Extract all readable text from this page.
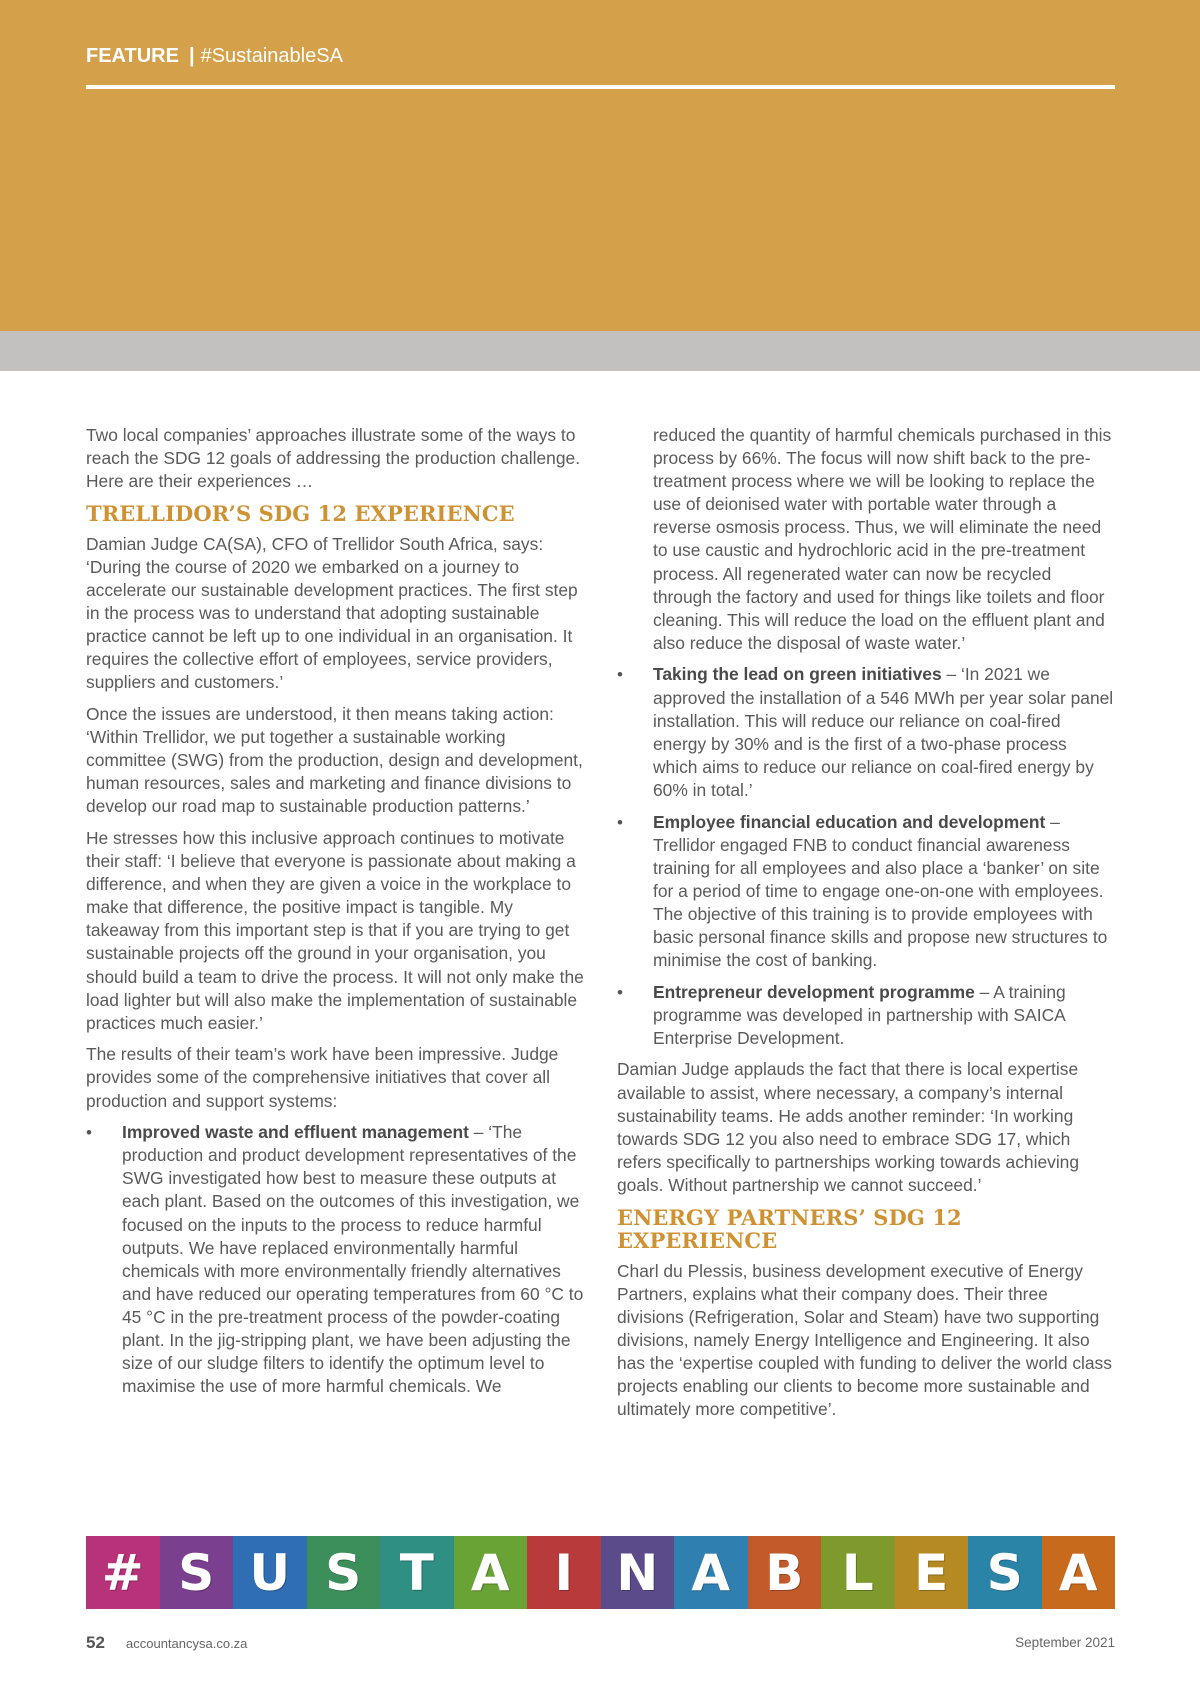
FEATURE | #SustainableSA

Two local companies’ approaches illustrate some of the ways to reach the SDG 12 goals of addressing the production challenge. Here are their experiences …

TRELLIDOR’S SDG 12 EXPERIENCE

Damian Judge CA(SA), CFO of Trellidor South Africa, says: ‘During the course of 2020 we embarked on a journey to accelerate our sustainable development practices. The first step in the process was to understand that adopting sustainable practice cannot be left up to one individual in an organisation. It requires the collective effort of employees, service providers, suppliers and customers.’

Once the issues are understood, it then means taking action: ‘Within Trellidor, we put together a sustainable working committee (SWG) from the production, design and development, human resources, sales and marketing and finance divisions to develop our road map to sustainable production patterns.’

He stresses how this inclusive approach continues to motivate their staff: ‘I believe that everyone is passionate about making a difference, and when they are given a voice in the workplace to make that difference, the positive impact is tangible. My takeaway from this important step is that if you are trying to get sustainable projects off the ground in your organisation, you should build a team to drive the process. It will not only make the load lighter but will also make the implementation of sustainable practices much easier.’

The results of their team’s work have been impressive. Judge provides some of the comprehensive initiatives that cover all production and support systems:

• Improved waste and effluent management – ‘The production and product development representatives of the SWG investigated how best to measure these outputs at each plant. Based on the outcomes of this investigation, we focused on the inputs to the process to reduce harmful outputs. We have replaced environmentally harmful chemicals with more environmentally friendly alternatives and have reduced our operating temperatures from 60 °C to 45 °C in the pre-treatment process of the powder-coating plant. In the jig-stripping plant, we have been adjusting the size of our sludge filters to identify the optimum level to maximise the use of more harmful chemicals. We

reduced the quantity of harmful chemicals purchased in this process by 66%. The focus will now shift back to the pre-treatment process where we will be looking to replace the use of deionised water with portable water through a reverse osmosis process. Thus, we will eliminate the need to use caustic and hydrochloric acid in the pre-treatment process. All regenerated water can now be recycled through the factory and used for things like toilets and floor cleaning. This will reduce the load on the effluent plant and also reduce the disposal of waste water.’

• Taking the lead on green initiatives – ‘In 2021 we approved the installation of a 546 MWh per year solar panel installation. This will reduce our reliance on coal-fired energy by 30% and is the first of a two-phase process which aims to reduce our reliance on coal-fired energy by 60% in total.’
• Employee financial education and development – Trellidor engaged FNB to conduct financial awareness training for all employees and also place a ‘banker’ on site for a period of time to engage one-on-one with employees. The objective of this training is to provide employees with basic personal finance skills and propose new structures to minimise the cost of banking.
• Entrepreneur development programme – A training programme was developed in partnership with SAICA Enterprise Development.

Damian Judge applauds the fact that there is local expertise available to assist, where necessary, a company’s internal sustainability teams. He adds another reminder: ‘In working towards SDG 12 you also need to embrace SDG 17, which refers specifically to partnerships working towards achieving goals. Without partnership we cannot succeed.’

ENERGY PARTNERS’ SDG 12 EXPERIENCE

Charl du Plessis, business development executive of Energy Partners, explains what their company does. Their three divisions (Refrigeration, Solar and Steam) have two supporting divisions, namely Energy Intelligence and Engineering. It also has the ‘expertise coupled with funding to deliver the world class projects enabling our clients to become more sustainable and ultimately more competitive’.

# S U S T A I N A B L E S A
52 accountancysa.co.za	September 2021
